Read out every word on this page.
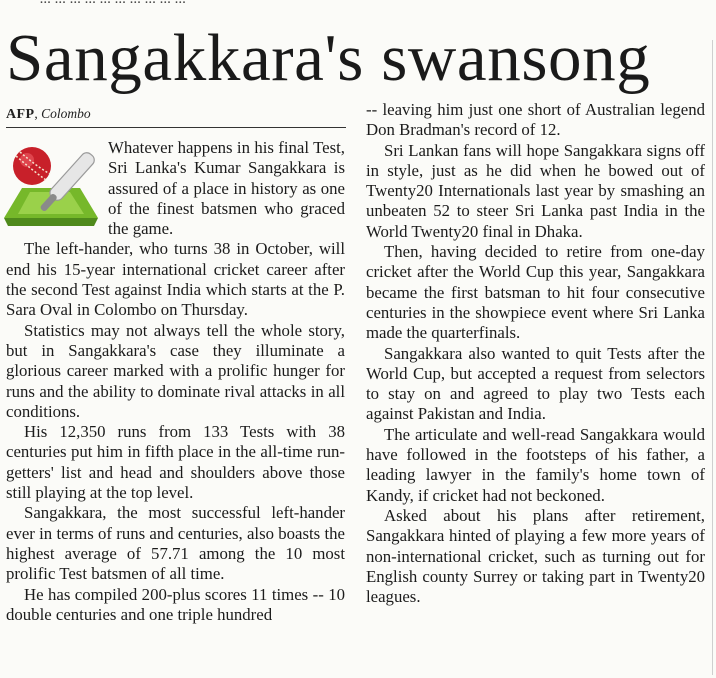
Sangakkara's swansong
AFP, Colombo

Whatever happens in his final Test, Sri Lanka's Kumar Sangakkara is assured of a place in history as one of the finest batsmen who graced the game.

The left-hander, who turns 38 in October, will end his 15-year international cricket career after the second Test against India which starts at the P. Sara Oval in Colombo on Thursday.

Statistics may not always tell the whole story, but in Sangakkara's case they illuminate a glorious career marked with a prolific hunger for runs and the ability to dominate rival attacks in all conditions.

His 12,350 runs from 133 Tests with 38 centuries put him in fifth place in the all-time run-getters' list and head and shoulders above those still playing at the top level.

Sangakkara, the most successful left-hander ever in terms of runs and centuries, also boasts the highest average of 57.71 among the 10 most prolific Test batsmen of all time.

He has compiled 200-plus scores 11 times -- 10 double centuries and one triple hundred

-- leaving him just one short of Australian legend Don Bradman's record of 12.

Sri Lankan fans will hope Sangakkara signs off in style, just as he did when he bowed out of Twenty20 Internationals last year by smashing an unbeaten 52 to steer Sri Lanka past India in the World Twenty20 final in Dhaka.

Then, having decided to retire from one-day cricket after the World Cup this year, Sangakkara became the first batsman to hit four consecutive centuries in the showpiece event where Sri Lanka made the quarterfinals.

Sangakkara also wanted to quit Tests after the World Cup, but accepted a request from selectors to stay on and agreed to play two Tests each against Pakistan and India.

The articulate and well-read Sangakkara would have followed in the footsteps of his father, a leading lawyer in the family's home town of Kandy, if cricket had not beckoned.

Asked about his plans after retirement, Sangakkara hinted of playing a few more years of non-international cricket, such as turning out for English county Surrey or taking part in Twenty20 leagues.
